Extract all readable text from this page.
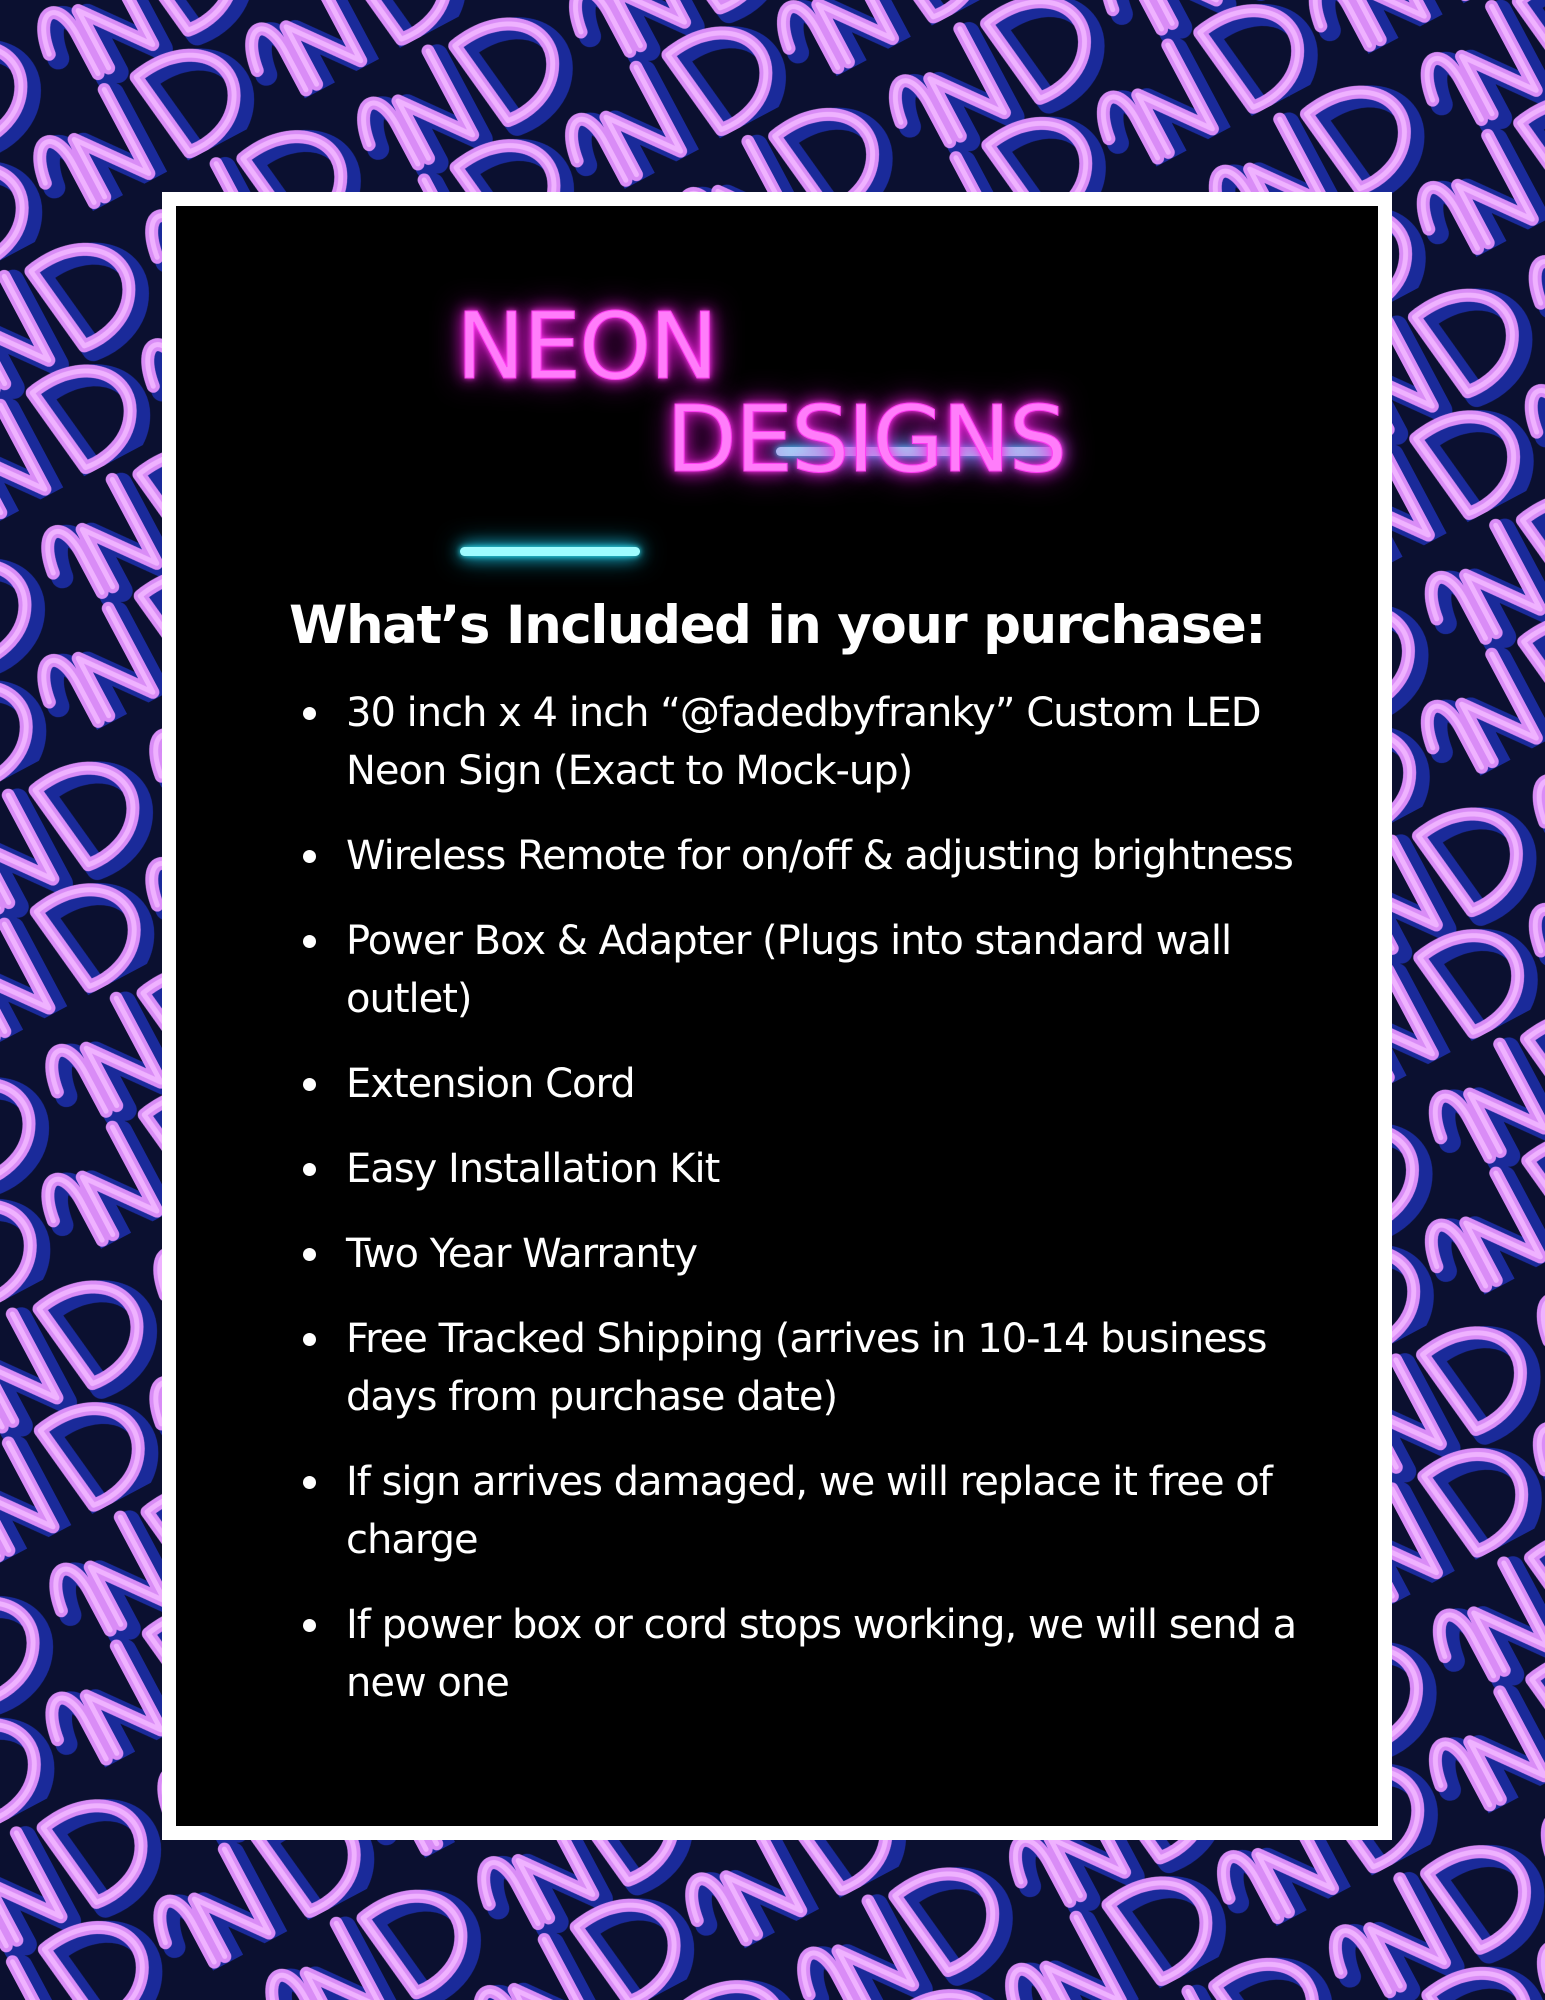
NEON
DESIGNS
What’s Included in your purchase:
30 inch x 4 inch “@fadedbyfranky” Custom LED Neon Sign (Exact to Mock-up)
Wireless Remote for on/off & adjusting brightness
Power Box & Adapter (Plugs into standard wall outlet)
Extension Cord
Easy Installation Kit
Two Year Warranty
Free Tracked Shipping (arrives in 10-14 business days from purchase date)
If sign arrives damaged, we will replace it free of charge
If power box or cord stops working, we will send a new one
